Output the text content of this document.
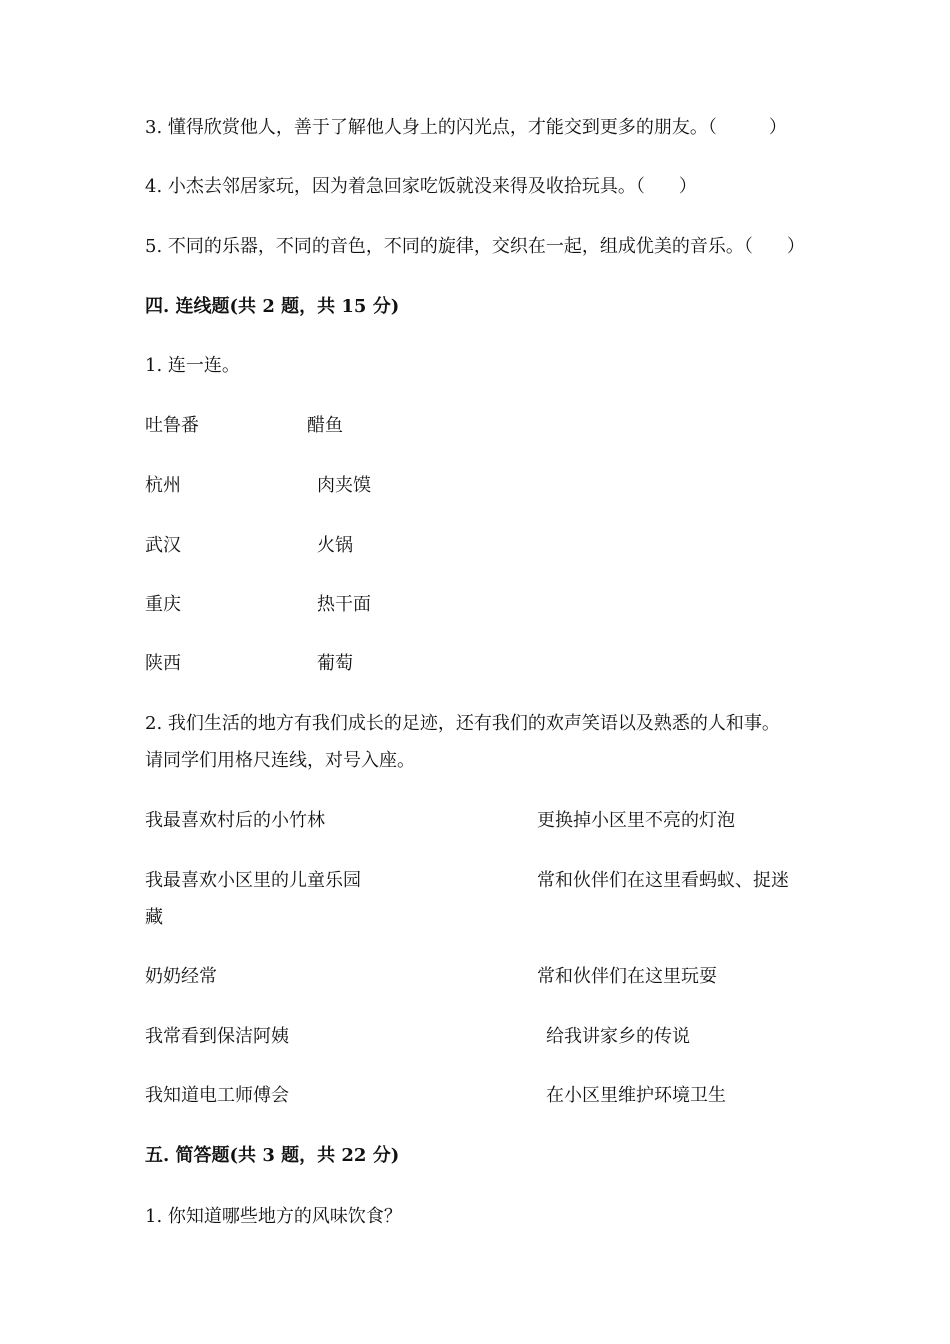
3. 懂得欣赏他人，善于了解他人身上的闪光点，才能交到更多的朋友。（	）
4. 小杰去邻居家玩，因为着急回家吃饭就没来得及收拾玩具。（ ）
5. 不同的乐器，不同的音色，不同的旋律，交织在一起，组成优美的音乐。（ ）
四. 连线题(共 2 题，共 15 分)
1. 连一连。
吐鲁番	醋鱼
杭州	肉夹馍
武汉	火锅
重庆	热干面
陕西	葡萄
2. 我们生活的地方有我们成长的足迹，还有我们的欢声笑语以及熟悉的人和事。
请同学们用格尺连线，对号入座。
我最喜欢村后的小竹林	更换掉小区里不亮的灯泡
我最喜欢小区里的儿童乐园	常和伙伴们在这里看蚂蚁、捉迷
藏
奶奶经常	常和伙伴们在这里玩耍
我常看到保洁阿姨	给我讲家乡的传说
我知道电工师傅会	在小区里维护环境卫生
五. 简答题(共 3 题，共 22 分)
1. 你知道哪些地方的风味饮食？
